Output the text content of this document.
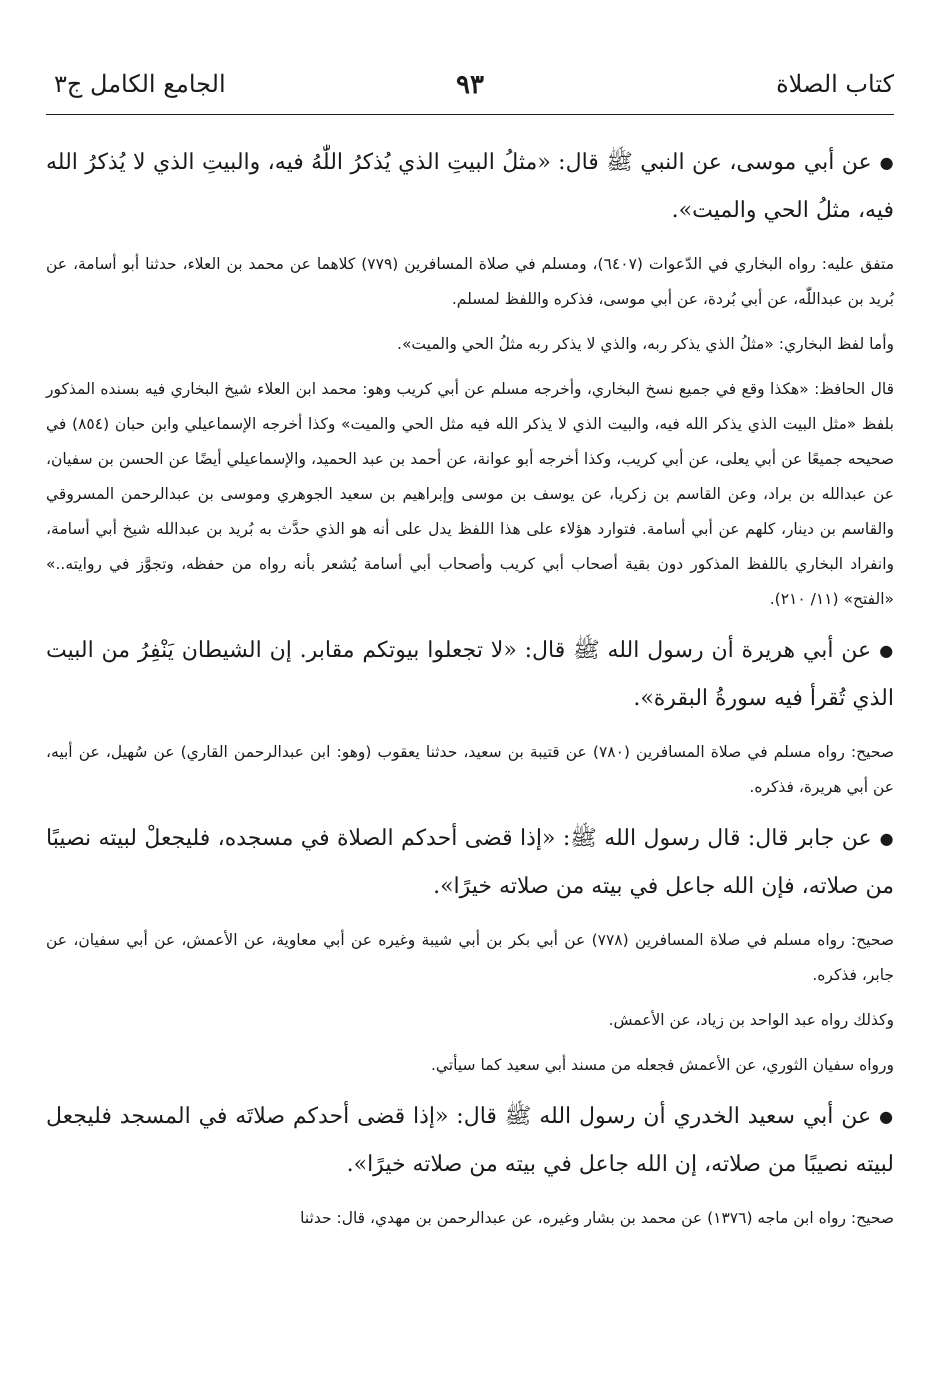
كتاب الصلاة
٩٣
الجامع الكامل ج٣

●عن أبي موسى، عن النبي ﷺ قال: «مثلُ البيتِ الذي يُذكرُ اللّٰهُ فيه، والبيتِ الذي لا يُذكرُ الله فيه، مثلُ الحي والميت».

متفق عليه: رواه البخاري في الدّعوات (٦٤٠٧)، ومسلم في صلاة المسافرين (٧٧٩) كلاهما عن محمد بن العلاء، حدثنا أبو أسامة، عن بُريد بن عبداللّٰه، عن أبي بُردة، عن أبي موسى، فذكره واللفظ لمسلم.

وأما لفظ البخاري: «مثلُ الذي يذكر ربه، والذي لا يذكر ربه مثلُ الحي والميت».

قال الحافظ: «هكذا وقع في جميع نسخ البخاري، وأخرجه مسلم عن أبي كريب وهو: محمد ابن العلاء شيخ البخاري فيه بسنده المذكور بلفظ «مثل البيت الذي يذكر الله فيه، والبيت الذي لا يذكر الله فيه مثل الحي والميت» وكذا أخرجه الإسماعيلي وابن حبان (٨٥٤) في صحيحه جميعًا عن أبي يعلى، عن أبي كريب، وكذا أخرجه أبو عوانة، عن أحمد بن عبد الحميد، والإسماعيلي أيضًا عن الحسن بن سفيان، عن عبدالله بن براد، وعن القاسم بن زكريا، عن يوسف بن موسى وإبراهيم بن سعيد الجوهري وموسى بن عبدالرحمن المسروقي والقاسم بن دينار، كلهم عن أبي أسامة. فتوارد هؤلاء على هذا اللفظ يدل على أنه هو الذي حدَّث به بُريد بن عبدالله شيخ أبي أسامة، وانفراد البخاري باللفظ المذكور دون بقية أصحاب أبي كريب وأصحاب أبي أسامة يُشعر بأنه رواه من حفظه، وتجوَّز في روايته..» «الفتح» (١١/ ٢١٠).

●عن أبي هريرة أن رسول الله ﷺ قال: «لا تجعلوا بيوتكم مقابر. إن الشيطان يَنْفِرُ من البيت الذي تُقرأ فيه سورةُ البقرة».

صحيح: رواه مسلم في صلاة المسافرين (٧٨٠) عن قتيبة بن سعيد، حدثنا يعقوب (وهو: ابن عبدالرحمن القاري) عن سُهيل، عن أبيه، عن أبي هريرة، فذكره.

●عن جابر قال: قال رسول الله ﷺ: «إذا قضى أحدكم الصلاة في مسجده، فليجعلْ لبيته نصيبًا من صلاته، فإن الله جاعل في بيته من صلاته خيرًا».

صحيح: رواه مسلم في صلاة المسافرين (٧٧٨) عن أبي بكر بن أبي شيبة وغيره عن أبي معاوية، عن الأعمش، عن أبي سفيان، عن جابر، فذكره.

وكذلك رواه عبد الواحد بن زياد، عن الأعمش.

ورواه سفيان الثوري، عن الأعمش فجعله من مسند أبي سعيد كما سيأتي.

●عن أبي سعيد الخدري أن رسول الله ﷺ قال: «إذا قضى أحدكم صلاتَه في المسجد فليجعل لبيته نصيبًا من صلاته، إن الله جاعل في بيته من صلاته خيرًا».

صحيح: رواه ابن ماجه (١٣٧٦) عن محمد بن بشار وغيره، عن عبدالرحمن بن مهدي، قال: حدثنا
